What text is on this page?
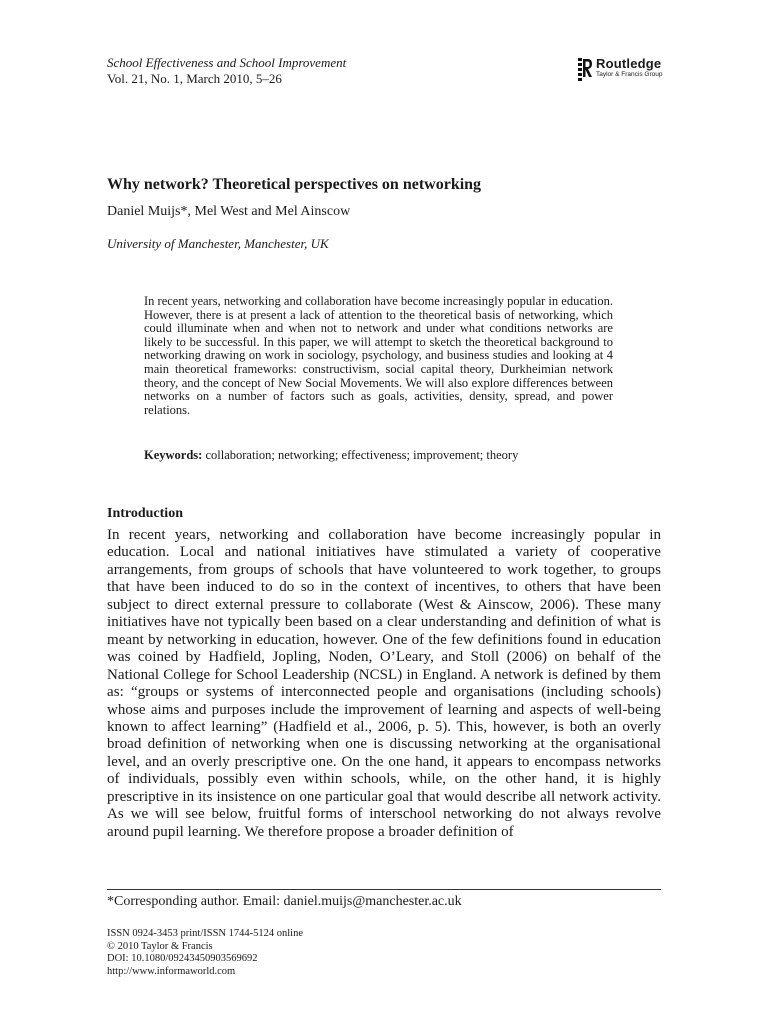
School Effectiveness and School Improvement
Vol. 21, No. 1, March 2010, 5–26
Routledge
Taylor & Francis Group
Why network? Theoretical perspectives on networking
Daniel Muijs*, Mel West and Mel Ainscow
University of Manchester, Manchester, UK

In recent years, networking and collaboration have become increasingly popular in education. However, there is at present a lack of attention to the theoretical basis of networking, which could illuminate when and when not to network and under what conditions networks are likely to be successful. In this paper, we will attempt to sketch the theoretical background to networking drawing on work in sociology, psychology, and business studies and looking at 4 main theoretical frameworks: constructivism, social capital theory, Durkheimian network theory, and the concept of New Social Movements. We will also explore differences between networks on a number of factors such as goals, activities, density, spread, and power relations.

Keywords: collaboration; networking; effectiveness; improvement; theory
Introduction

In recent years, networking and collaboration have become increasingly popular in education. Local and national initiatives have stimulated a variety of cooperative arrangements, from groups of schools that have volunteered to work together, to groups that have been induced to do so in the context of incentives, to others that have been subject to direct external pressure to collaborate (West & Ainscow, 2006). These many initiatives have not typically been based on a clear understanding and definition of what is meant by networking in education, however. One of the few definitions found in education was coined by Hadfield, Jopling, Noden, O’Leary, and Stoll (2006) on behalf of the National College for School Leadership (NCSL) in England. A network is defined by them as: “groups or systems of interconnected people and organisations (including schools) whose aims and purposes include the improvement of learning and aspects of well-being known to affect learning” (Hadfield et al., 2006, p. 5). This, however, is both an overly broad definition of networking when one is discussing networking at the organisational level, and an overly prescriptive one. On the one hand, it appears to encompass networks of individuals, possibly even within schools, while, on the other hand, it is highly prescriptive in its insistence on one particular goal that would describe all network activity. As we will see below, fruitful forms of interschool networking do not always revolve around pupil learning. We therefore propose a broader definition of

*Corresponding author. Email: daniel.muijs@manchester.ac.uk
ISSN 0924-3453 print/ISSN 1744-5124 online
© 2010 Taylor & Francis
DOI: 10.1080/09243450903569692
http://www.informaworld.com
